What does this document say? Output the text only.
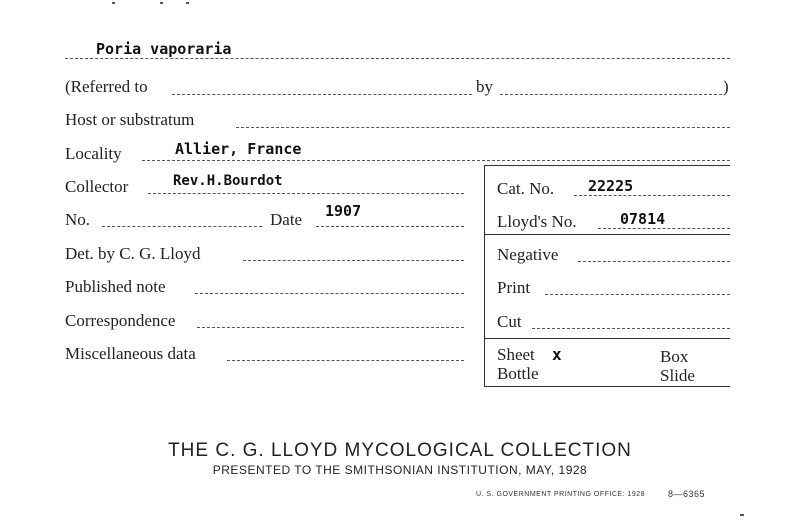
Poria vaporaria
(Referred to	by	)
Host or substratum
Locality	Allier, France
Collector	Rev.H.Bourdot
No.	Date 1907
Det. by C. G. Lloyd
Published note
Correspondence
Miscellaneous data
Cat. No. 22225
Lloyd's No.	07814
Negative
Print
Cut
Sheet x	Box
Bottle	Slide
THE C. G. LLOYD MYCOLOGICAL COLLECTION
PRESENTED TO THE SMITHSONIAN INSTITUTION, MAY, 1928
U. S. GOVERNMENT PRINTING OFFICE: 1928	8—6365
